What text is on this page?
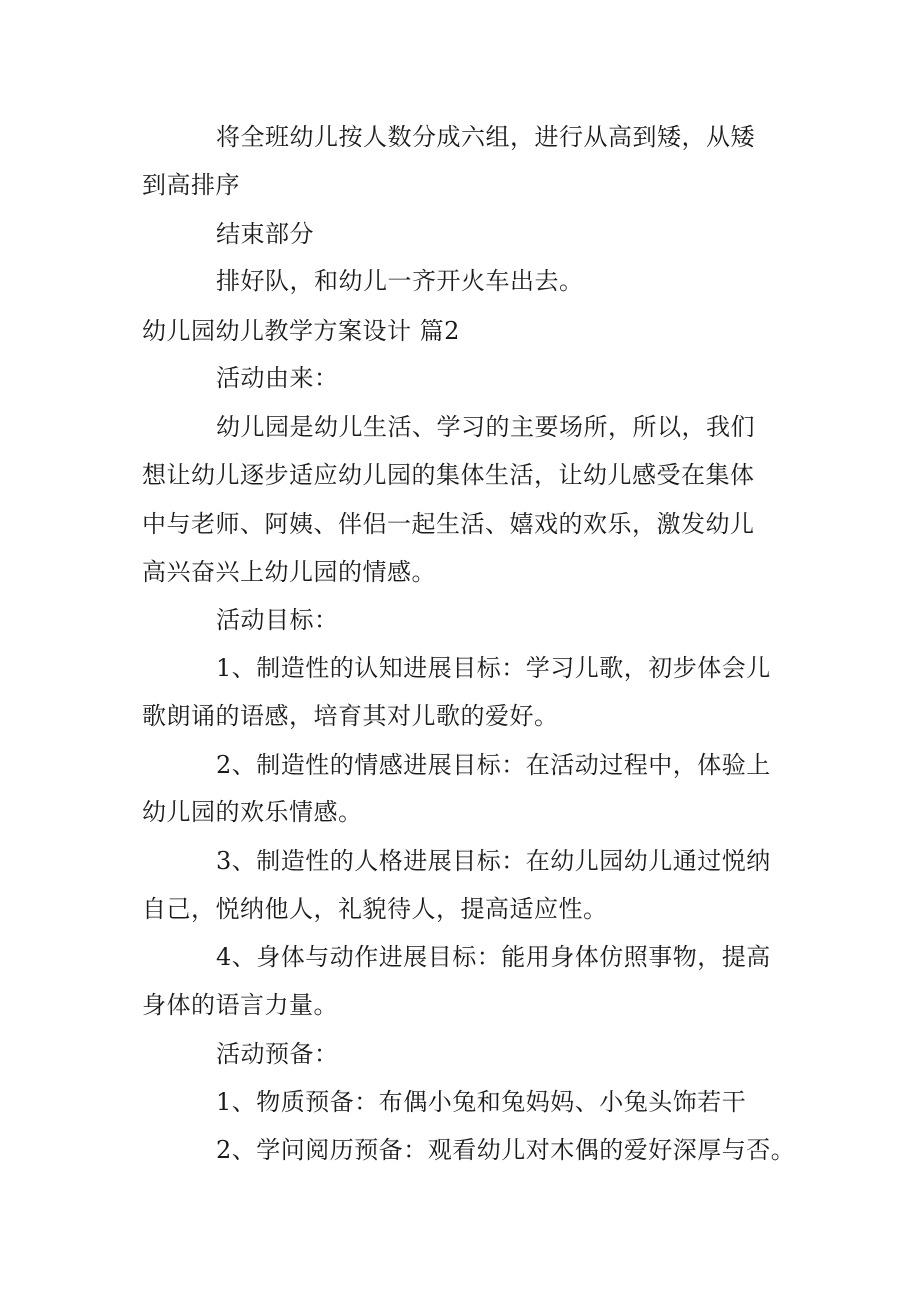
将全班幼儿按人数分成六组，进行从高到矮，从矮
到高排序
结束部分
排好队，和幼儿一齐开火车出去。
幼儿园幼儿教学方案设计 篇2
活动由来：
幼儿园是幼儿生活、学习的主要场所，所以，我们
想让幼儿逐步适应幼儿园的集体生活，让幼儿感受在集体
中与老师、阿姨、伴侣一起生活、嬉戏的欢乐，激发幼儿
高兴奋兴上幼儿园的情感。
活动目标：
1、制造性的认知进展目标：学习儿歌，初步体会儿
歌朗诵的语感，培育其对儿歌的爱好。
2、制造性的情感进展目标：在活动过程中，体验上
幼儿园的欢乐情感。
3、制造性的人格进展目标：在幼儿园幼儿通过悦纳
自己，悦纳他人，礼貌待人，提高适应性。
4、身体与动作进展目标：能用身体仿照事物，提高
身体的语言力量。
活动预备：
1、物质预备：布偶小兔和兔妈妈、小兔头饰若干
2、学问阅历预备：观看幼儿对木偶的爱好深厚与否。
